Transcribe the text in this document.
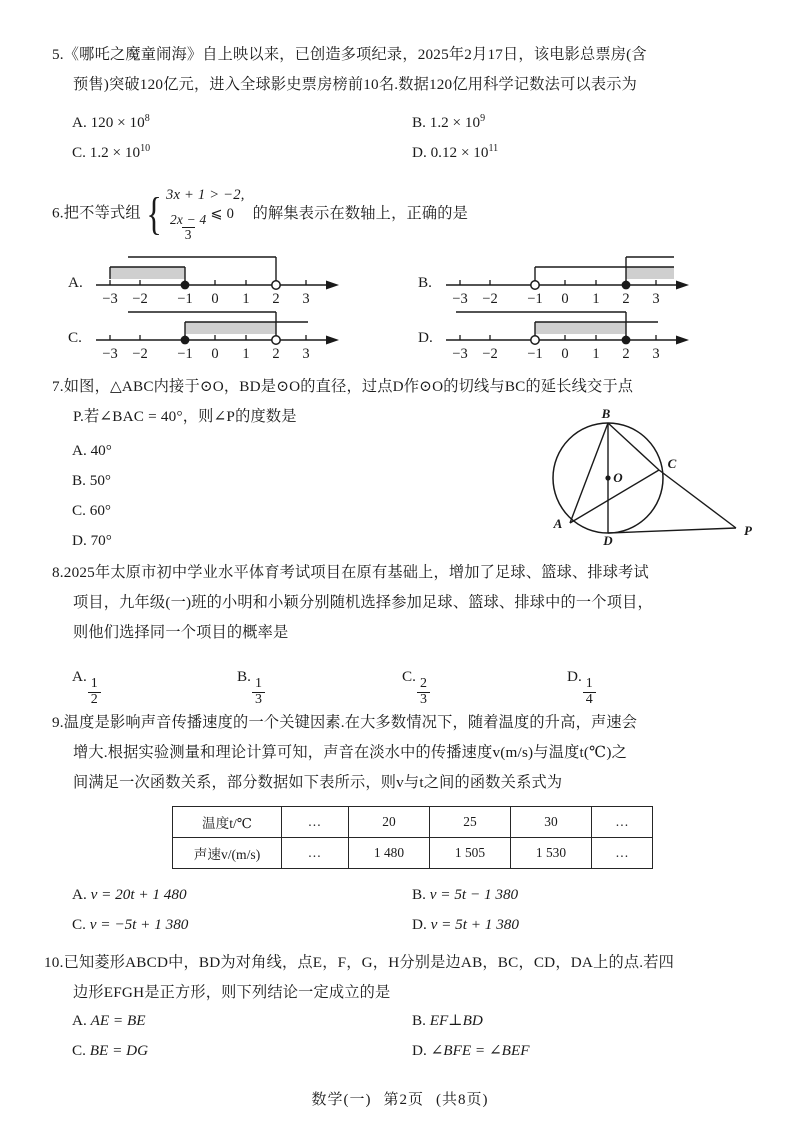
5.《哪吒之魔童闹海》自上映以来，已创造多项纪录，2025年2月17日，该电影总票房(含
预售)突破120亿元，进入全球影史票房榜前10名.数据120亿用科学记数法可以表示为
A. $120 \times 10^8$	B. $1.2 \times 10^9$
C. $1.2 \times 10^{10}$	D. $0.12 \times 10^{11}$
6.把不等式组 { 3x + 1 > −2,
$\frac{2x - 4}{3}$ ⩽ 0	的解集表示在数轴上，正确的是
A.
−3 −2 −1 0 1 2 3
B.
−3 −2 −1 0 1 2 3
C.
−3 −2 −1 0 1 2 3
D.
−3 −2 −1 0 1 2 3
7.如图，△ABC内接于⊙O，BD是⊙O的直径，过点D作⊙O的切线与BC的延长线交于点
P.若∠BAC = 40°，则∠P的度数是
A.
40°
B.
50°
C.
60°
D.
70°
B
O
C
A
D
P
8.2025年太原市初中学业水平体育考试项目在原有基础上，增加了足球、篮球、排球考试
项目，九年级(一)班的小明和小颖分别随机选择参加足球、篮球、排球中的一个项目，
则他们选择同一个项目的概率是
A.
$\frac{1}{2}$
B.
$\frac{1}{3}$
C.
$\frac{2}{3}$
D.
$\frac{1}{4}$
9.温度是影响声音传播速度的一个关键因素.在大多数情况下，随着温度的升高，声速会
增大.根据实验测量和理论计算可知，声音在淡水中的传播速度v(m/s)与温度t(℃)之
间满足一次函数关系，部分数据如下表所示，则v与t之间的函数关系式为
温度t/℃	…	20	25	30	…
声速v/(m/s)	…	1 480	1 505	1 530	…
A. v = 20t + 1 480	B. v = 5t − 1 380
C. v = −5t + 1 380	D. v = 5t + 1 380
10.已知菱形ABCD中，BD为对角线，点E，F，G，H分别是边AB，BC，CD，DA上的点.若四
边形EFGH是正方形，则下列结论一定成立的是
A. AE = BE	B. EF⊥BD
C. BE = DG	D. ∠BFE = ∠BEF
数学(一) 第2页 (共8页)
